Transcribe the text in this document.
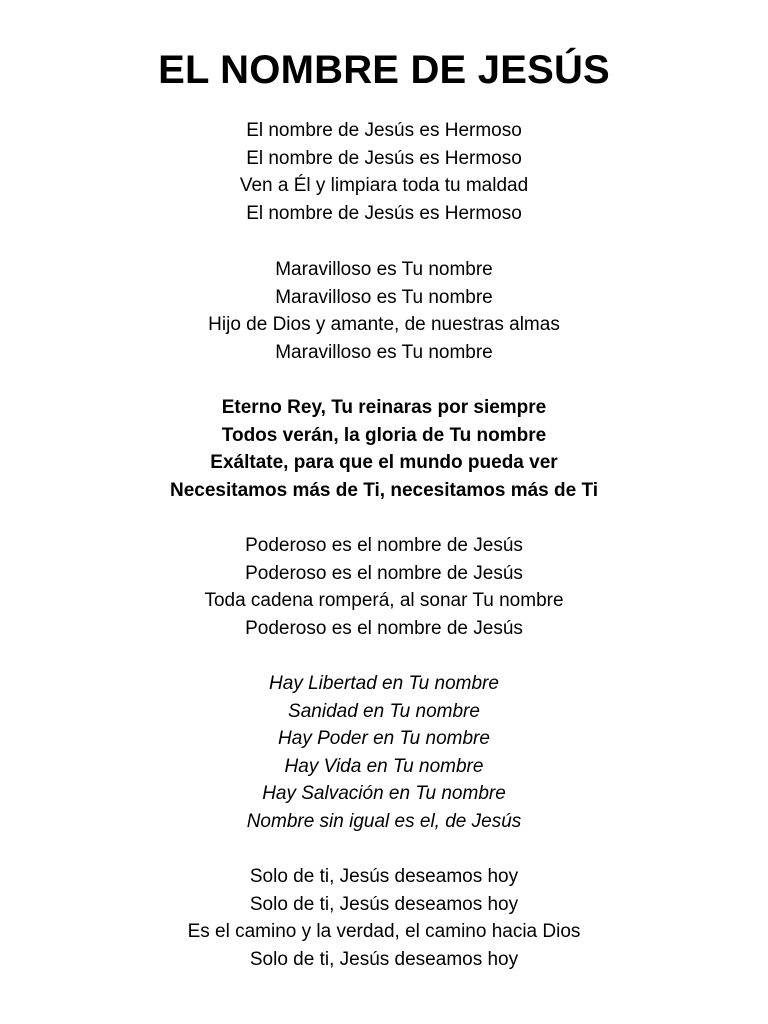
EL NOMBRE DE JESÚS
El nombre de Jesús es Hermoso
El nombre de Jesús es Hermoso
Ven a Él y limpiara toda tu maldad
El nombre de Jesús es Hermoso
Maravilloso es Tu nombre
Maravilloso es Tu nombre
Hijo de Dios y amante, de nuestras almas
Maravilloso es Tu nombre
Eterno Rey, Tu reinaras por siempre
Todos verán, la gloria de Tu nombre
Exáltate, para que el mundo pueda ver
Necesitamos más de Ti, necesitamos más de Ti
Poderoso es el nombre de Jesús
Poderoso es el nombre de Jesús
Toda cadena romperá, al sonar Tu nombre
Poderoso es el nombre de Jesús
Hay Libertad en Tu nombre
Sanidad en Tu nombre
Hay Poder en Tu nombre
Hay Vida en Tu nombre
Hay Salvación en Tu nombre
Nombre sin igual es el, de Jesús
Solo de ti, Jesús deseamos hoy
Solo de ti, Jesús deseamos hoy
Es el camino y la verdad, el camino hacia Dios
Solo de ti, Jesús deseamos hoy
